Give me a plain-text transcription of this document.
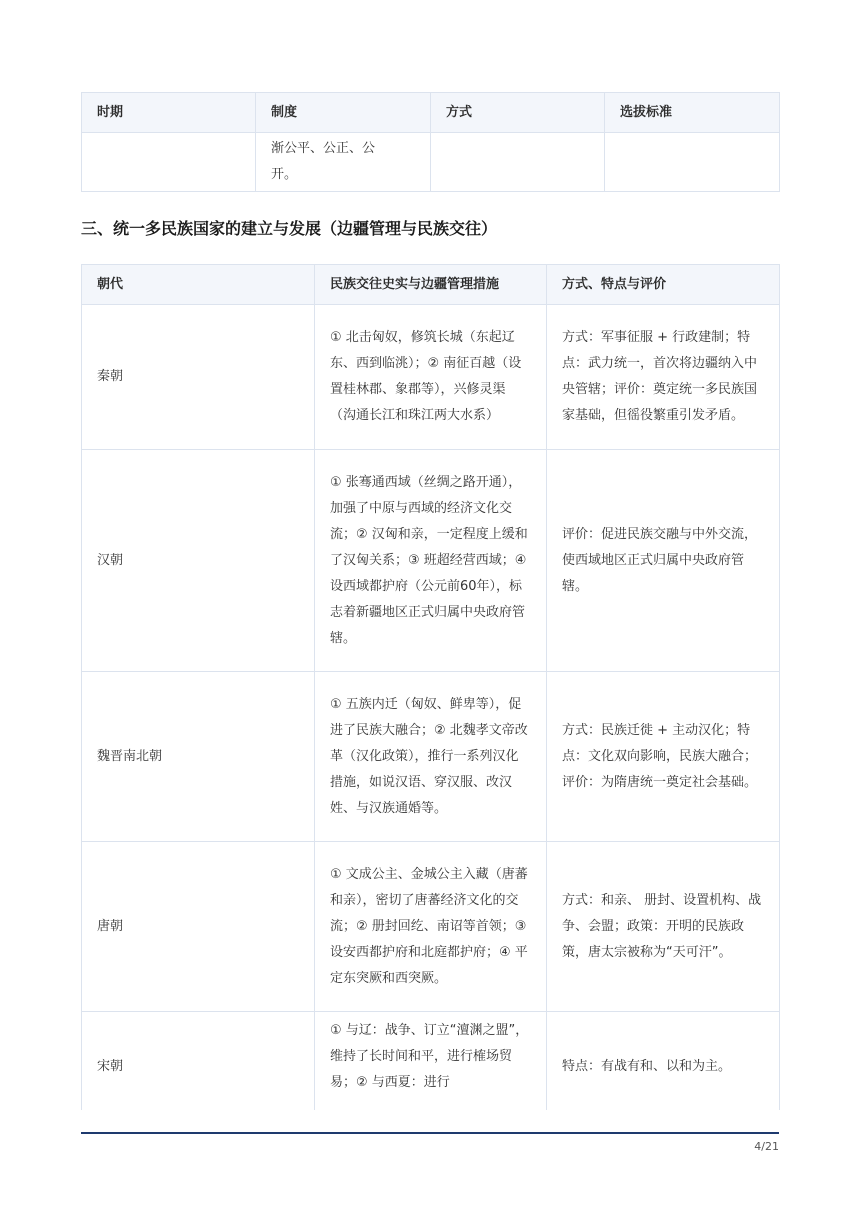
时期	制度	方式	选拔标准

	渐公平、公正、公开。		

三、统一多民族国家的建立与发展（边疆管理与民族交往）
朝代	民族交往史实与边疆管理措施	方式、特点与评价
秦朝	① 北击匈奴，修筑长城（东起辽东、西到临洮）；② 南征百越（设置桂林郡、象郡等），兴修灵渠（沟通长江和珠江两大水系）	方式：军事征服 + 行政建制；特点：武力统一，首次将边疆纳入中央管辖；评价：奠定统一多民族国家基础，但徭役繁重引发矛盾。
汉朝	① 张骞通西域（丝绸之路开通），加强了中原与西域的经济文化交流；② 汉匈和亲，一定程度上缓和了汉匈关系；③ 班超经营西域；④ 设西域都护府（公元前60年），标志着新疆地区正式归属中央政府管辖。	评价：促进民族交融与中外交流，使西域地区正式归属中央政府管辖。
魏晋南北朝	① 五族内迁（匈奴、鲜卑等），促进了民族大融合；② 北魏孝文帝改革（汉化政策），推行一系列汉化措施，如说汉语、穿汉服、改汉姓、与汉族通婚等。	方式：民族迁徙 + 主动汉化；特点：文化双向影响，民族大融合；评价：为隋唐统一奠定社会基础。
唐朝	① 文成公主、金城公主入藏（唐蕃和亲），密切了唐蕃经济文化的交流；② 册封回纥、南诏等首领；③ 设安西都护府和北庭都护府；④ 平定东突厥和西突厥。	方式：和亲、 册封、设置机构、战争、会盟；政策：开明的民族政策，唐太宗被称为“天可汗”。
宋朝	① 与辽：战争、订立“澶渊之盟”，维持了长时间和平，进行榷场贸易；② 与西夏：进行	特点：有战有和、以和为主。
4/21
